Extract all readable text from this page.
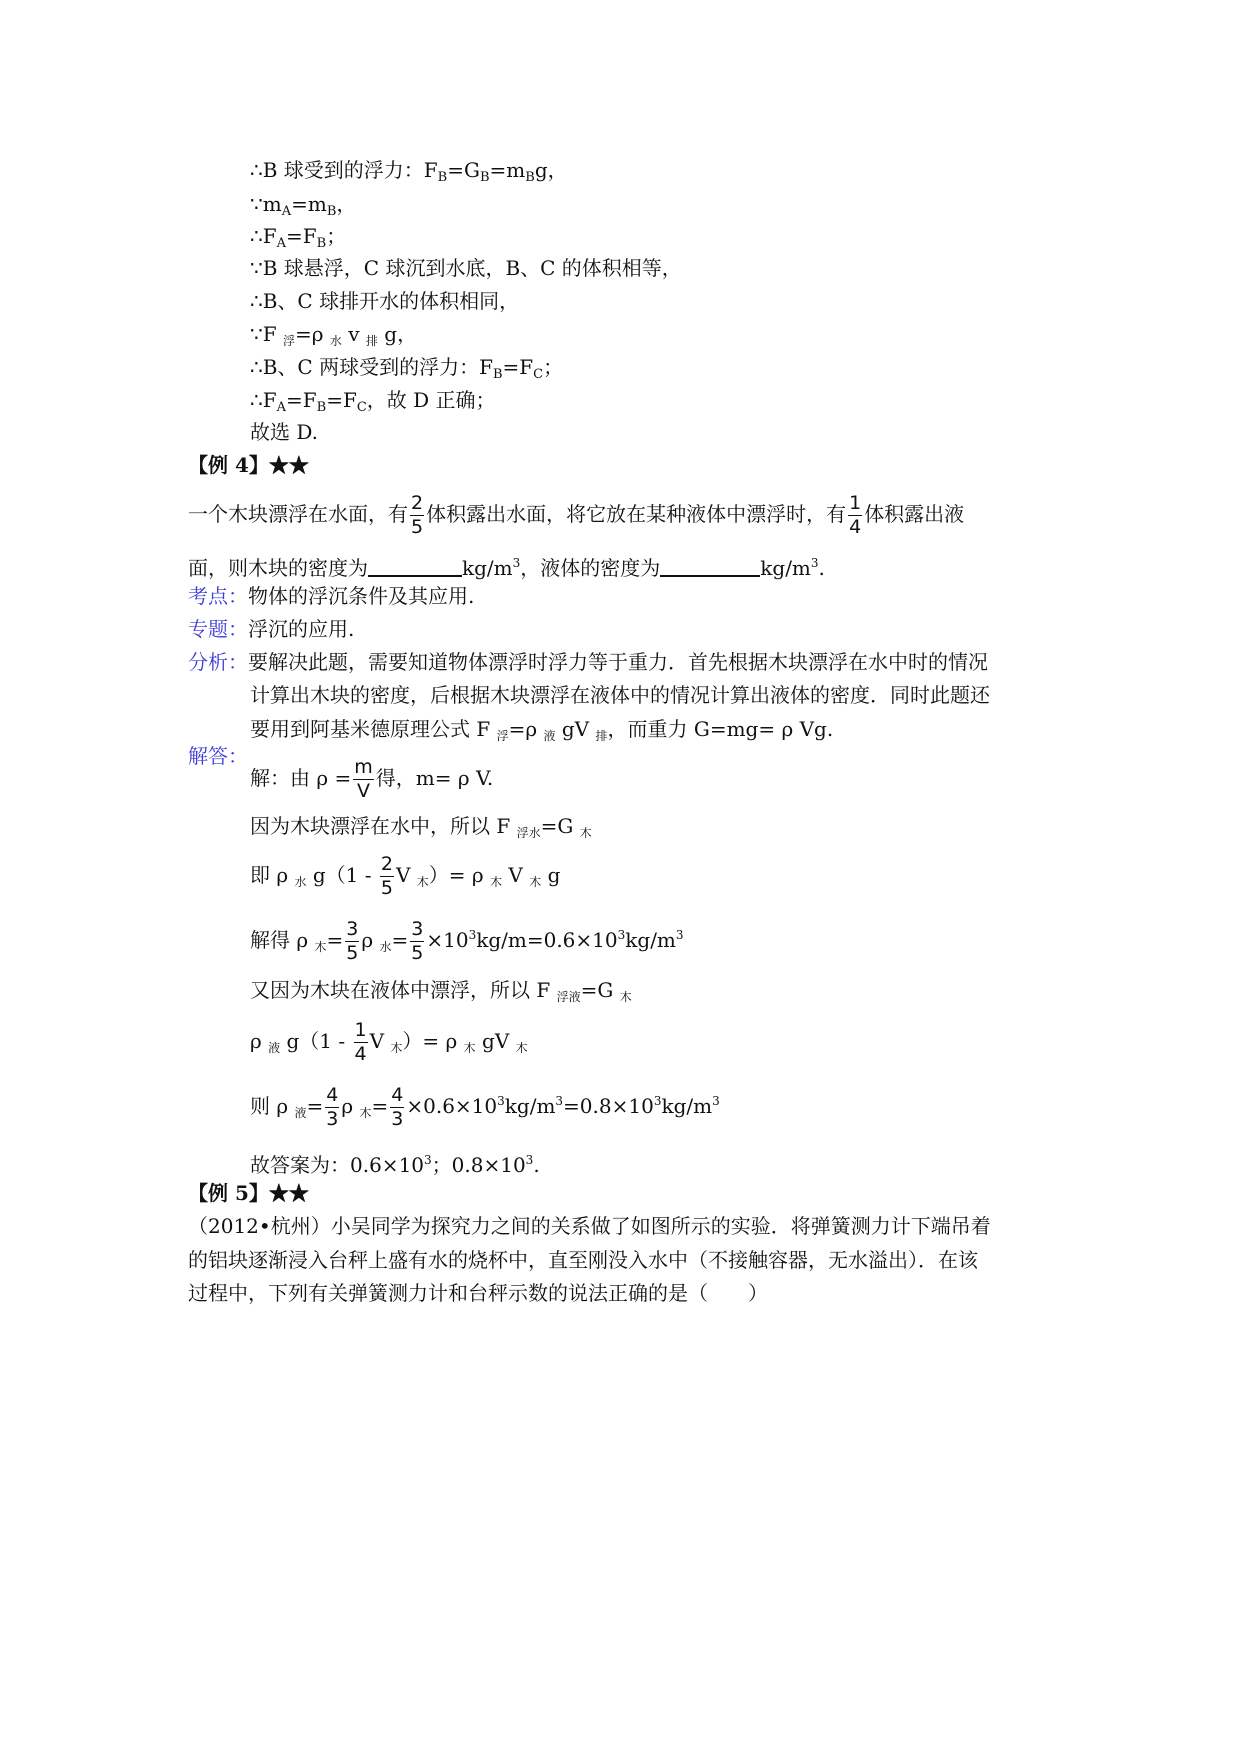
∴B 球受到的浮力：$F_B=G_B=m_Bg$，
$\because m_A=m_B$，
$\therefore F_A=F_B$；
∵B 球悬浮，C 球沉到水底，B、C 的体积相等，
∴B、C 球排开水的体积相同，
∵F $_浮$=ρ $_水$ v $_排$ g，
∴B、C 两球受到的浮力：$F_B=F_C$；
$\therefore F_A=F_B=F_C$，故 D 正确；
故选 D.
【例 4】★★
一个木块漂浮在水面，有 $\frac{2}{5}$ 体积露出水面，将它放在某种液体中漂浮时，有 $\frac{1}{4}$ 体积露出液
面，则木块的密度为	$kg/m^3$，液体的密度为	$kg/m^3$.
考点：物体的浮沉条件及其应用.
专题：浮沉的应用.
分析：要解决此题，需要知道物体漂浮时浮力等于重力．首先根据木块漂浮在水中时的情况
计算出木块的密度，后根据木块漂浮在液体中的情况计算出液体的密度．同时此题还
要用到阿基米德原理公式 F $_浮$=ρ $_液$ gV $_排$，而重力 G=mg= ρ Vg.
解答：
解：由 $\rho = \frac{m}{V}$ 得，m= ρ V.
因为木块漂浮在水中，所以 F $_{浮水}$=G $_木$
即 ρ $_水$ $g(1 - \frac{2}{5}$ V $_木$）= ρ $_木$ V $_木$ g
解得 ρ $_木= \frac{3}{5}$ ρ $_水= \frac{3}{5} \times 10^3kg/m=0.6\times 10^3kg/m^3$
又因为木块在液体中漂浮，所以 F $_{浮液}$=G $_木$
ρ $_液$ $g(1 - \frac{1}{4}$ V $_木$）= ρ $_木$ gV $_木$
则 ρ $_液= \frac{4}{3}$ ρ $_木= \frac{4}{3} \times 0.6\times 10^3kg/m^3=0.8\times 10^3kg/m^3$
故答案为：$0.6\times 10^3$；$0.8\times 10^3$.
【例 5】★★
（2012•杭州）小吴同学为探究力之间的关系做了如图所示的实验．将弹簧测力计下端吊着
的铝块逐渐浸入台秤上盛有水的烧杯中，直至刚没入水中（不接触容器，无水溢出）．在该
过程中，下列有关弹簧测力计和台秤示数的说法正确的是（　　）
